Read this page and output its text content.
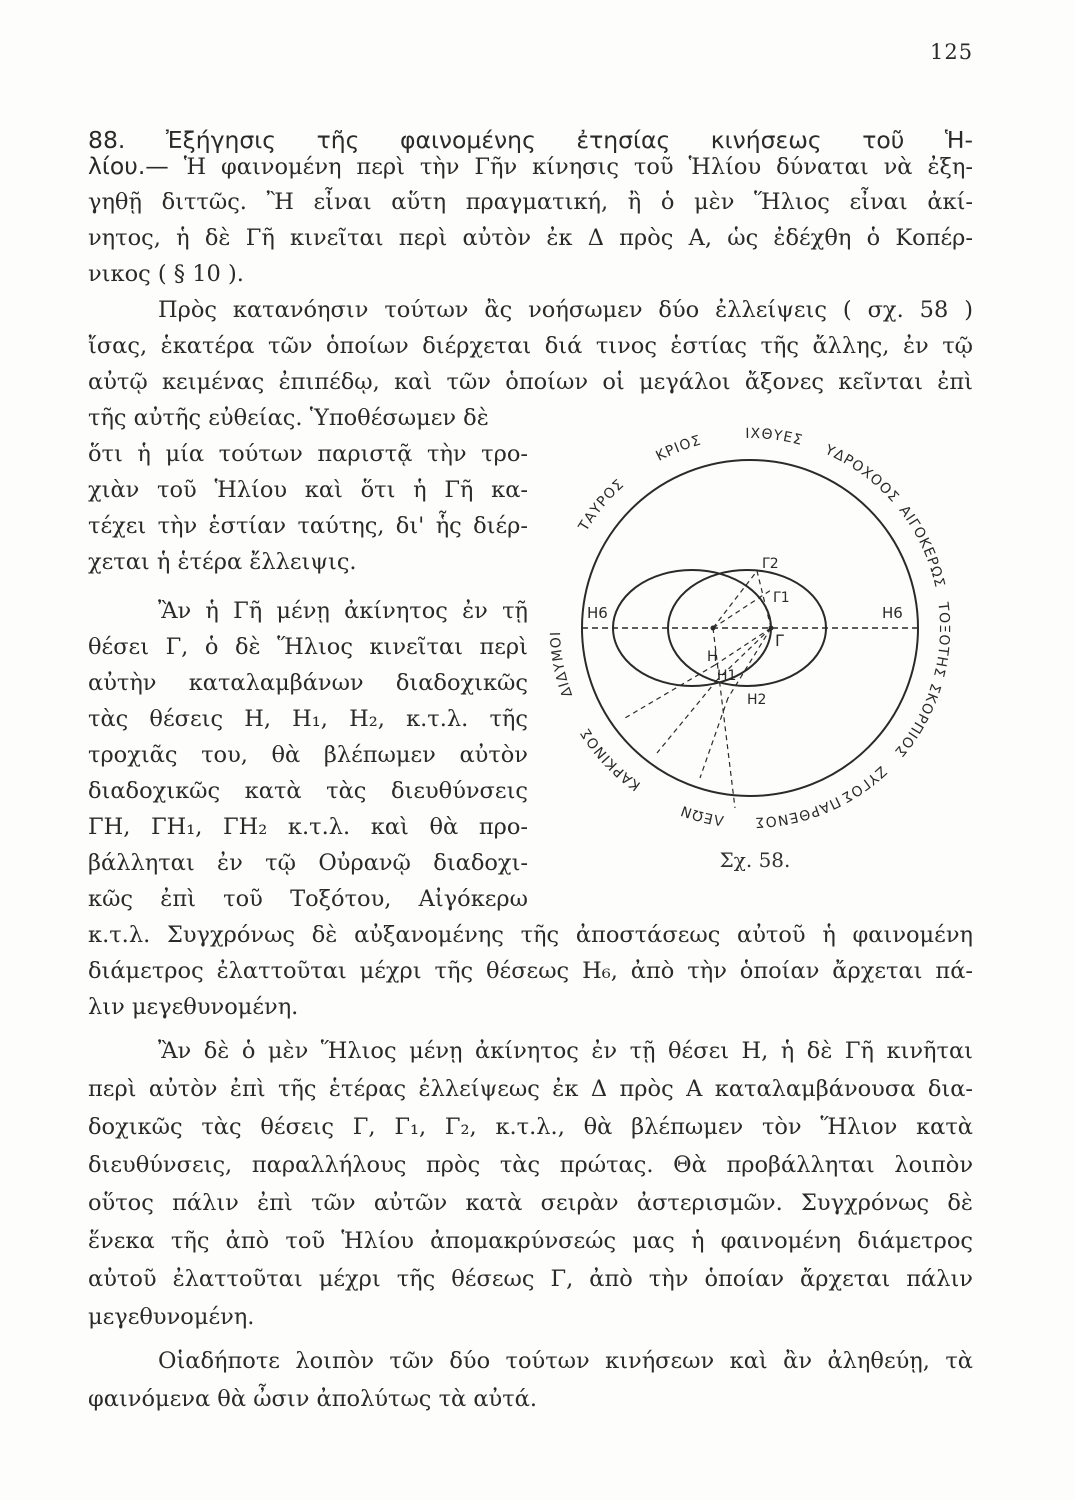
125
88. Ἐξήγησις τῆς φαινομένης ἐτησίας κινήσεως τοῦ Ἡ-
λίου.— Ἡ φαινομένη περὶ τὴν Γῆν κίνησις τοῦ Ἡλίου δύναται νὰ ἐξη-
γηθῇ διττῶς. Ἢ εἶναι αὕτη πραγματική, ἢ ὁ μὲν Ἥλιος εἶναι ἀκί-
νητος, ἡ δὲ Γῆ κινεῖται περὶ αὐτὸν ἐκ Δ πρὸς Α, ὡς ἐδέχθη ὁ Κοπέρ-
νικος ( § 10 ).
Πρὸς κατανόησιν τούτων ἂς νοήσωμεν δύο ἐλλείψεις ( σχ. 58 )
ἴσας, ἑκατέρα τῶν ὁποίων διέρχεται διά τινος ἑστίας τῆς ἄλλης, ἐν τῷ
αὐτῷ κειμένας ἐπιπέδῳ, καὶ τῶν ὁποίων οἱ μεγάλοι ἄξονες κεῖνται ἐπὶ
τῆς αὐτῆς εὐθείας. Ὑποθέσωμεν δὲ
ὅτι ἡ μία τούτων παριστᾷ τὴν τρο-
χιὰν τοῦ Ἡλίου καὶ ὅτι ἡ Γῆ κα-
τέχει τὴν ἑστίαν ταύτης, δι' ἧς διέρ-
χεται ἡ ἑτέρα ἔλλειψις.
Ἂν ἡ Γῆ μένῃ ἀκίνητος ἐν τῇ
θέσει Γ, ὁ δὲ Ἥλιος κινεῖται περὶ
αὐτὴν καταλαμβάνων διαδοχικῶς
τὰς θέσεις Η, Η₁, Η₂, κ.τ.λ. τῆς
τροχιᾶς του, θὰ βλέπωμεν αὐτὸν
διαδοχικῶς κατὰ τὰς διευθύνσεις
ΓΗ, ΓΗ₁, ΓΗ₂ κ.τ.λ. καὶ θὰ προ-
βάλληται ἐν τῷ Οὐρανῷ διαδοχι-
κῶς ἐπὶ τοῦ Τοξότου, Αἰγόκερω
κ.τ.λ. Συγχρόνως δὲ αὐξανομένης τῆς ἀποστάσεως αὐτοῦ ἡ φαινομένη
διάμετρος ἐλαττοῦται μέχρι τῆς θέσεως Η₆, ἀπὸ τὴν ὁποίαν ἄρχεται πά-
λιν μεγεθυνομένη.
Ἂν δὲ ὁ μὲν Ἥλιος μένῃ ἀκίνητος ἐν τῇ θέσει Η, ἡ δὲ Γῆ κινῆται
περὶ αὐτὸν ἐπὶ τῆς ἑτέρας ἐλλείψεως ἐκ Δ πρὸς Α καταλαμβάνουσα δια-
δοχικῶς τὰς θέσεις Γ, Γ₁, Γ₂, κ.τ.λ., θὰ βλέπωμεν τὸν Ἥλιον κατὰ
διευθύνσεις, παραλλήλους πρὸς τὰς πρώτας. Θὰ προβάλληται λοιπὸν
οὕτος πάλιν ἐπὶ τῶν αὐτῶν κατὰ σειρὰν ἀστερισμῶν. Συγχρόνως δὲ
ἕνεκα τῆς ἀπὸ τοῦ Ἡλίου ἀπομακρύνσεώς μας ἡ φαινομένη διάμετρος
αὐτοῦ ἐλαττοῦται μέχρι τῆς θέσεως Γ, ἀπὸ τὴν ὁποίαν ἄρχεται πάλιν
μεγεθυνομένη.
Οἱαδήποτε λοιπὸν τῶν δύο τούτων κινήσεων καὶ ἂν ἀληθεύῃ, τὰ
φαινόμενα θὰ ὦσιν ἀπολύτως τὰ αὐτά.
ΠΑΡΘΕΝΟΣ
ΛΕΩΝ
ΚΑΡΚΙΝΟΣ
ΔΙΔΥΜΟΙ
ΤΑΥΡΟΣ
ΚΡΙΟΣ	ΙΧΘΥΕΣ
ΥΔΡΟΧΟΟΣ
ΑΙΓΟΚΕΡΩΣ
ΤΟΞΟΤΗΣ
ΣΚΟΡΠΙΟΣ
ΖΥΓΟΣ
Η6	Η6
Γ
Γ1
Γ2
Η
Η1
Η2
Σχ. 58.
